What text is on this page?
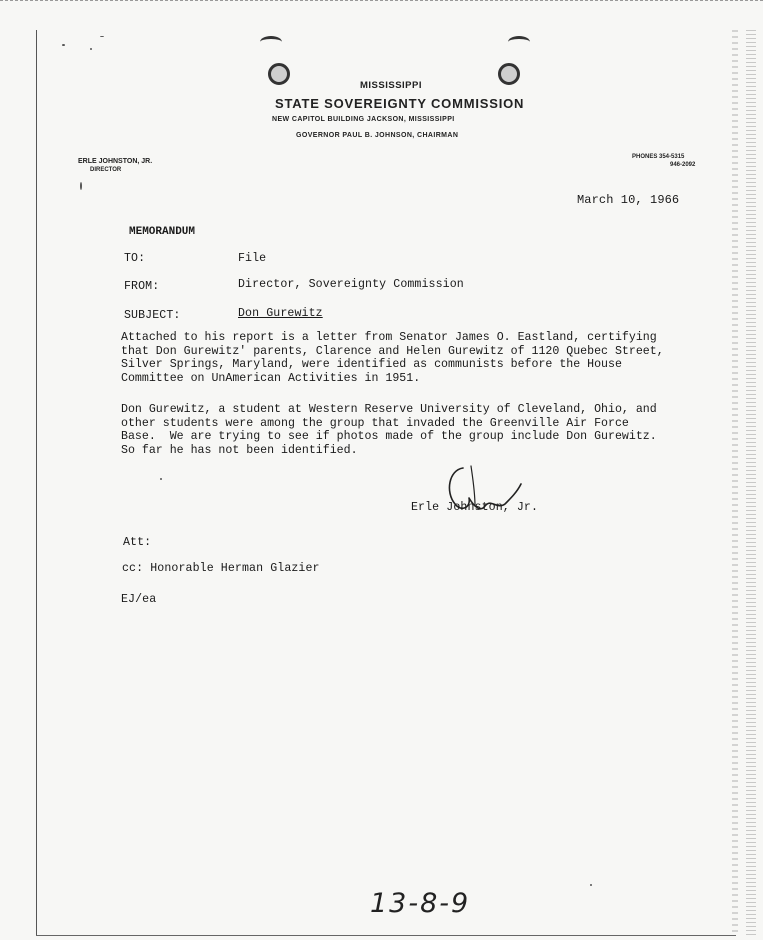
MISSISSIPPI
STATE SOVEREIGNTY COMMISSION
NEW CAPITOL BUILDING JACKSON, MISSISSIPPI
GOVERNOR PAUL B. JOHNSON, CHAIRMAN
ERLE JOHNSTON, JR.
DIRECTOR
PHONES 354-5315
946-2092
March 10, 1966
MEMORANDUM
TO:	File
FROM:	Director, Sovereignty Commission
SUBJECT:	Don Gurewitz
Attached to his report is a letter from Senator James O. Eastland, certifying
that Don Gurewitz' parents, Clarence and Helen Gurewitz of 1120 Quebec Street,
Silver Springs, Maryland, were identified as communists before the House
Committee on UnAmerican Activities in 1951.
Don Gurewitz, a student at Western Reserve University of Cleveland, Ohio, and
other students were among the group that invaded the Greenville Air Force
Base.  We are trying to see if photos made of the group include Don Gurewitz.
So far he has not been identified.
Erle Johnston, Jr.
Att:
cc: Honorable Herman Glazier
EJ/ea
13-8-9
